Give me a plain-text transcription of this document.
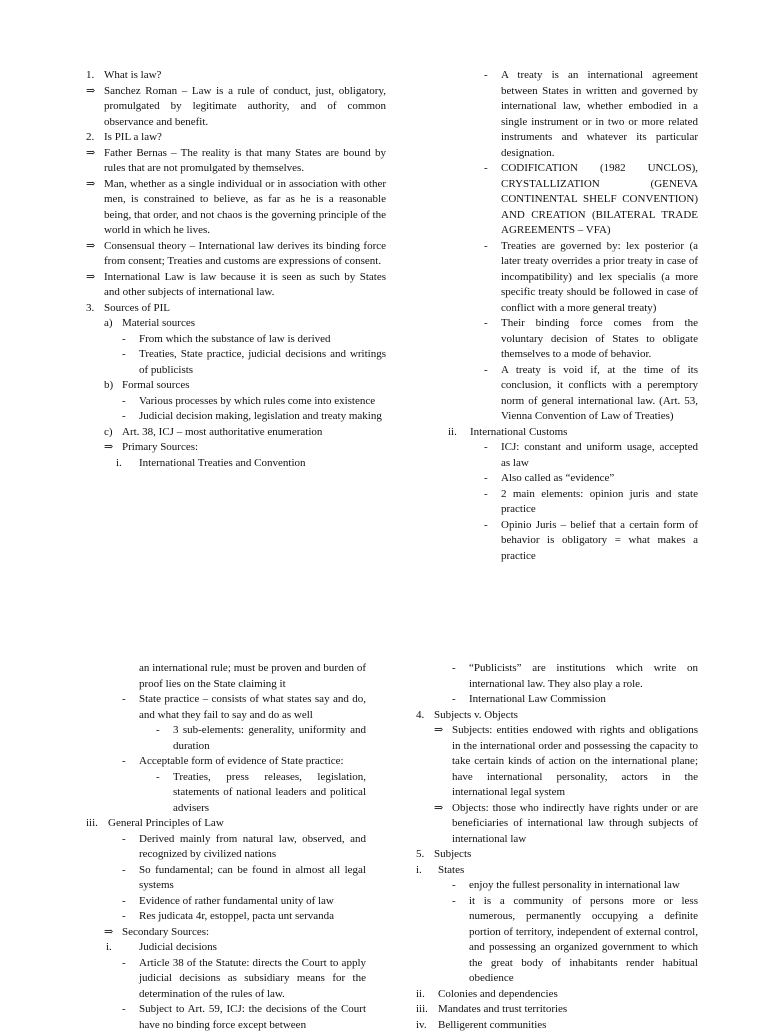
1. What is law?

⇒ Sanchez Roman – Law is a rule of conduct, just, obligatory, promulgated by legitimate authority, and of common observance and benefit.

2. Is PIL a law?

⇒ Father Bernas – The reality is that many States are bound by rules that are not promulgated by themselves.

⇒ Man, whether as a single individual or in association with other men, is constrained to believe, as far as he is a reasonable being, that order, and not chaos is the governing principle of the world in which he lives.

⇒ Consensual theory – International law derives its binding force from consent; Treaties and customs are expressions of consent.

⇒ International Law is law because it is seen as such by States and other subjects of international law.

3. Sources of PIL

a) Material sources

- From which the substance of law is derived

- Treaties, State practice, judicial decisions and writings of publicists

b) Formal sources

- Various processes by which rules come into existence

- Judicial decision making, legislation and treaty making

c) Art. 38, ICJ – most authoritative enumeration

⇒ Primary Sources:

i. International Treaties and Convention

- A treaty is an international agreement between States in written and governed by international law, whether embodied in a single instrument or in two or more related instruments and whatever its particular designation.

- CODIFICATION (1982 UNCLOS), CRYSTALLIZATION (GENEVA CONTINENTAL SHELF CONVENTION) AND CREATION (BILATERAL TRADE AGREEMENTS – VFA)

- Treaties are governed by: lex posterior (a later treaty overrides a prior treaty in case of incompatibility) and lex specialis (a more specific treaty should be followed in case of conflict with a more general treaty)

- Their binding force comes from the voluntary decision of States to obligate themselves to a mode of behavior.

- A treaty is void if, at the time of its conclusion, it conflicts with a peremptory norm of general international law. (Art. 53, Vienna Convention of Law of Treaties)

ii. International Customs

- ICJ: constant and uniform usage, accepted as law

- Also called as “evidence”

- 2 main elements: opinion juris and state practice

- Opinio Juris – belief that a certain form of behavior is obligatory = what makes a practice

an international rule; must be proven and burden of proof lies on the State claiming it

- State practice – consists of what states say and do, and what they fail to say and do as well

- 3 sub-elements: generality, uniformity and duration

- Acceptable form of evidence of State practice:

- Treaties, press releases, legislation, statements of national leaders and political advisers

iii. General Principles of Law

- Derived mainly from natural law, observed, and recognized by civilized nations

- So fundamental; can be found in almost all legal systems

- Evidence of rather fundamental unity of law

- Res judicata 4r, estoppel, pacta unt servanda

⇒ Secondary Sources:

i. Judicial decisions

- Article 38 of the Statute: directs the Court to apply judicial decisions as subsidiary means for the determination of the rules of law.

- Subject to Art. 59, ICJ: the decisions of the Court have no binding force except between

- “Publicists” are institutions which write on international law. They also play a role.

- International Law Commission

4. Subjects v. Objects

⇒ Subjects: entities endowed with rights and obligations in the international order and possessing the capacity to take certain kinds of action on the international plane; have international personality, actors in the international legal system

⇒ Objects: those who indirectly have rights under or are beneficiaries of international law through subjects of international law

5. Subjects

i. States

- enjoy the fullest personality in international law

- it is a community of persons more or less numerous, permanently occupying a definite portion of territory, independent of external control, and possessing an organized government to which the great body of inhabitants render habitual obedience

ii. Colonies and dependencies

iii. Mandates and trust territories

iv. Belligerent communities
